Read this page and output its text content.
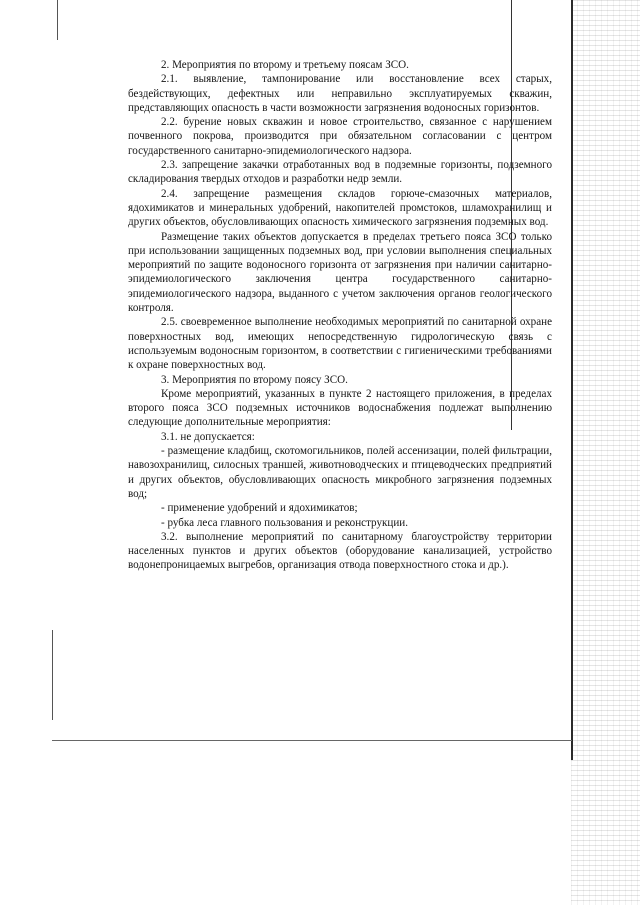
2. Мероприятия по второму и третьему поясам ЗСО.

2.1. выявление, тампонирование или восстановление всех старых, бездействующих, дефектных или неправильно эксплуатируемых скважин, представляющих опасность в части возможности загрязнения водоносных горизонтов.

2.2. бурение новых скважин и новое строительство, связанное с нарушением почвенного покрова, производится при обязательном согласовании с центром государственного санитарно-эпидемиологического надзора.

2.3. запрещение закачки отработанных вод в подземные горизонты, подземного складирования твердых отходов и разработки недр земли.

2.4. запрещение размещения складов горюче-смазочных материалов, ядохимикатов и минеральных удобрений, накопителей промстоков, шламохранилищ и других объектов, обусловливающих опасность химического загрязнения подземных вод.

Размещение таких объектов допускается в пределах третьего пояса ЗСО только при использовании защищенных подземных вод, при условии выполнения специальных мероприятий по защите водоносного горизонта от загрязнения при наличии санитарно-эпидемиологического заключения центра государственного санитарно-эпидемиологического надзора, выданного с учетом заключения органов геологического контроля.

2.5. своевременное выполнение необходимых мероприятий по санитарной охране поверхностных вод, имеющих непосредственную гидрологическую связь с используемым водоносным горизонтом, в соответствии с гигиеническими требованиями к охране поверхностных вод.

3. Мероприятия по второму поясу ЗСО.

Кроме мероприятий, указанных в пункте 2 настоящего приложения, в пределах второго пояса ЗСО подземных источников водоснабжения подлежат выполнению следующие дополнительные мероприятия:

3.1. не допускается:

- размещение кладбищ, скотомогильников, полей ассенизации, полей фильтрации, навозохранилищ, силосных траншей, животноводческих и птицеводческих предприятий и других объектов, обусловливающих опасность микробного загрязнения подземных вод;

- применение удобрений и ядохимикатов;

- рубка леса главного пользования и реконструкции.

3.2. выполнение мероприятий по санитарному благоустройству территории населенных пунктов и других объектов (оборудование канализацией, устройство водонепроницаемых выгребов, организация отвода поверхностного стока и др.).
